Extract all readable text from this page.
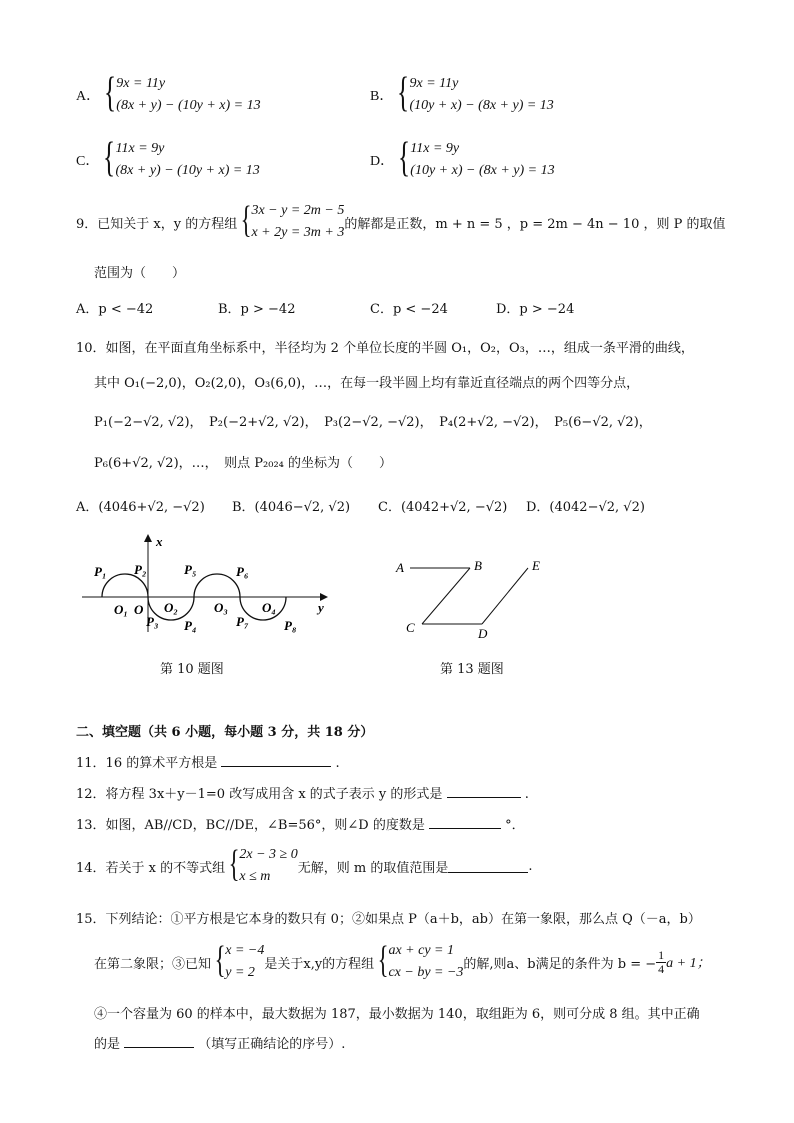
A． { 9x = 11y
(8x + y) − (10y + x) = 13
B． { 9x = 11y
(10y + x) − (8x + y) = 13
C． { 11x = 9y
(8x + y) − (10y + x) = 13
D． { 11x = 9y
(10y + x) − (8x + y) = 13
9．已知关于 x，y 的方程组 { 3x − y = 2m − 5
x + 2y = 3m + 3
的解都是正数，m + n = 5 ，p = 2m − 4n − 10 ，则 P 的取值
范围为（　　）
A．p < −42	B．p > −42	C．p < −24	D．p > −24
10．如图，在平面直角坐标系中，半径均为 2 个单位长度的半圆 O₁，O₂，O₃，…，组成一条平滑的曲线，
其中 O₁(−2,0)，O₂(2,0)，O₃(6,0)，…，在每一段半圆上均有靠近直径端点的两个四等分点，
P₁(−2−√2, √2)，　P₂(−2+√2, √2)，　P₃(2−√2, −√2)，　P₄(2+√2, −√2)，　P₅(6−√2, √2)，
P₆(6+√2, √2)，…，　则点 P₂₀₂₄ 的坐标为（　　）
A．(4046+√2, −√2) B．(4046−√2, √2) C．(4042+√2, −√2) D．(4042−√2, √2)
x
y
P₁ P₂	P₅	P₆
O₁ O O₂	O₃	O₄
P₃ P₄	P₇	P₈
第 10 题图
A	B
C	D
E
第 13 题图
二、填空题（共 6 小题，每小题 3 分，共 18 分）
11．16 的算术平方根是	.
12．将方程 3x＋y－1=0 改写成用含 x 的式子表示 y 的形式是	.
13．如图，AB//CD，BC//DE，∠B=56°，则∠D 的度数是	°．
14．若关于 x 的不等式组 { 2x − 3 ≥ 0
x ≤ m
无解，则 m 的取值范围是	.
15．下列结论：①平方根是它本身的数只有 0；②如果点 P（a＋b，ab）在第一象限，那么点 Q（－a，b）
在第二象限；③已知 { x = −4
y = 2
是关于x,y的方程组 { ax + cy = 1
cx − by = −3
的解,则a、b满足的条件为 b = − $\frac{1}{4}$ a + 1；
④一个容量为 60 的样本中，最大数据为 187，最小数据为 140，取组距为 6，则可分成 8 组。其中正确
的是	（填写正确结论的序号）.
